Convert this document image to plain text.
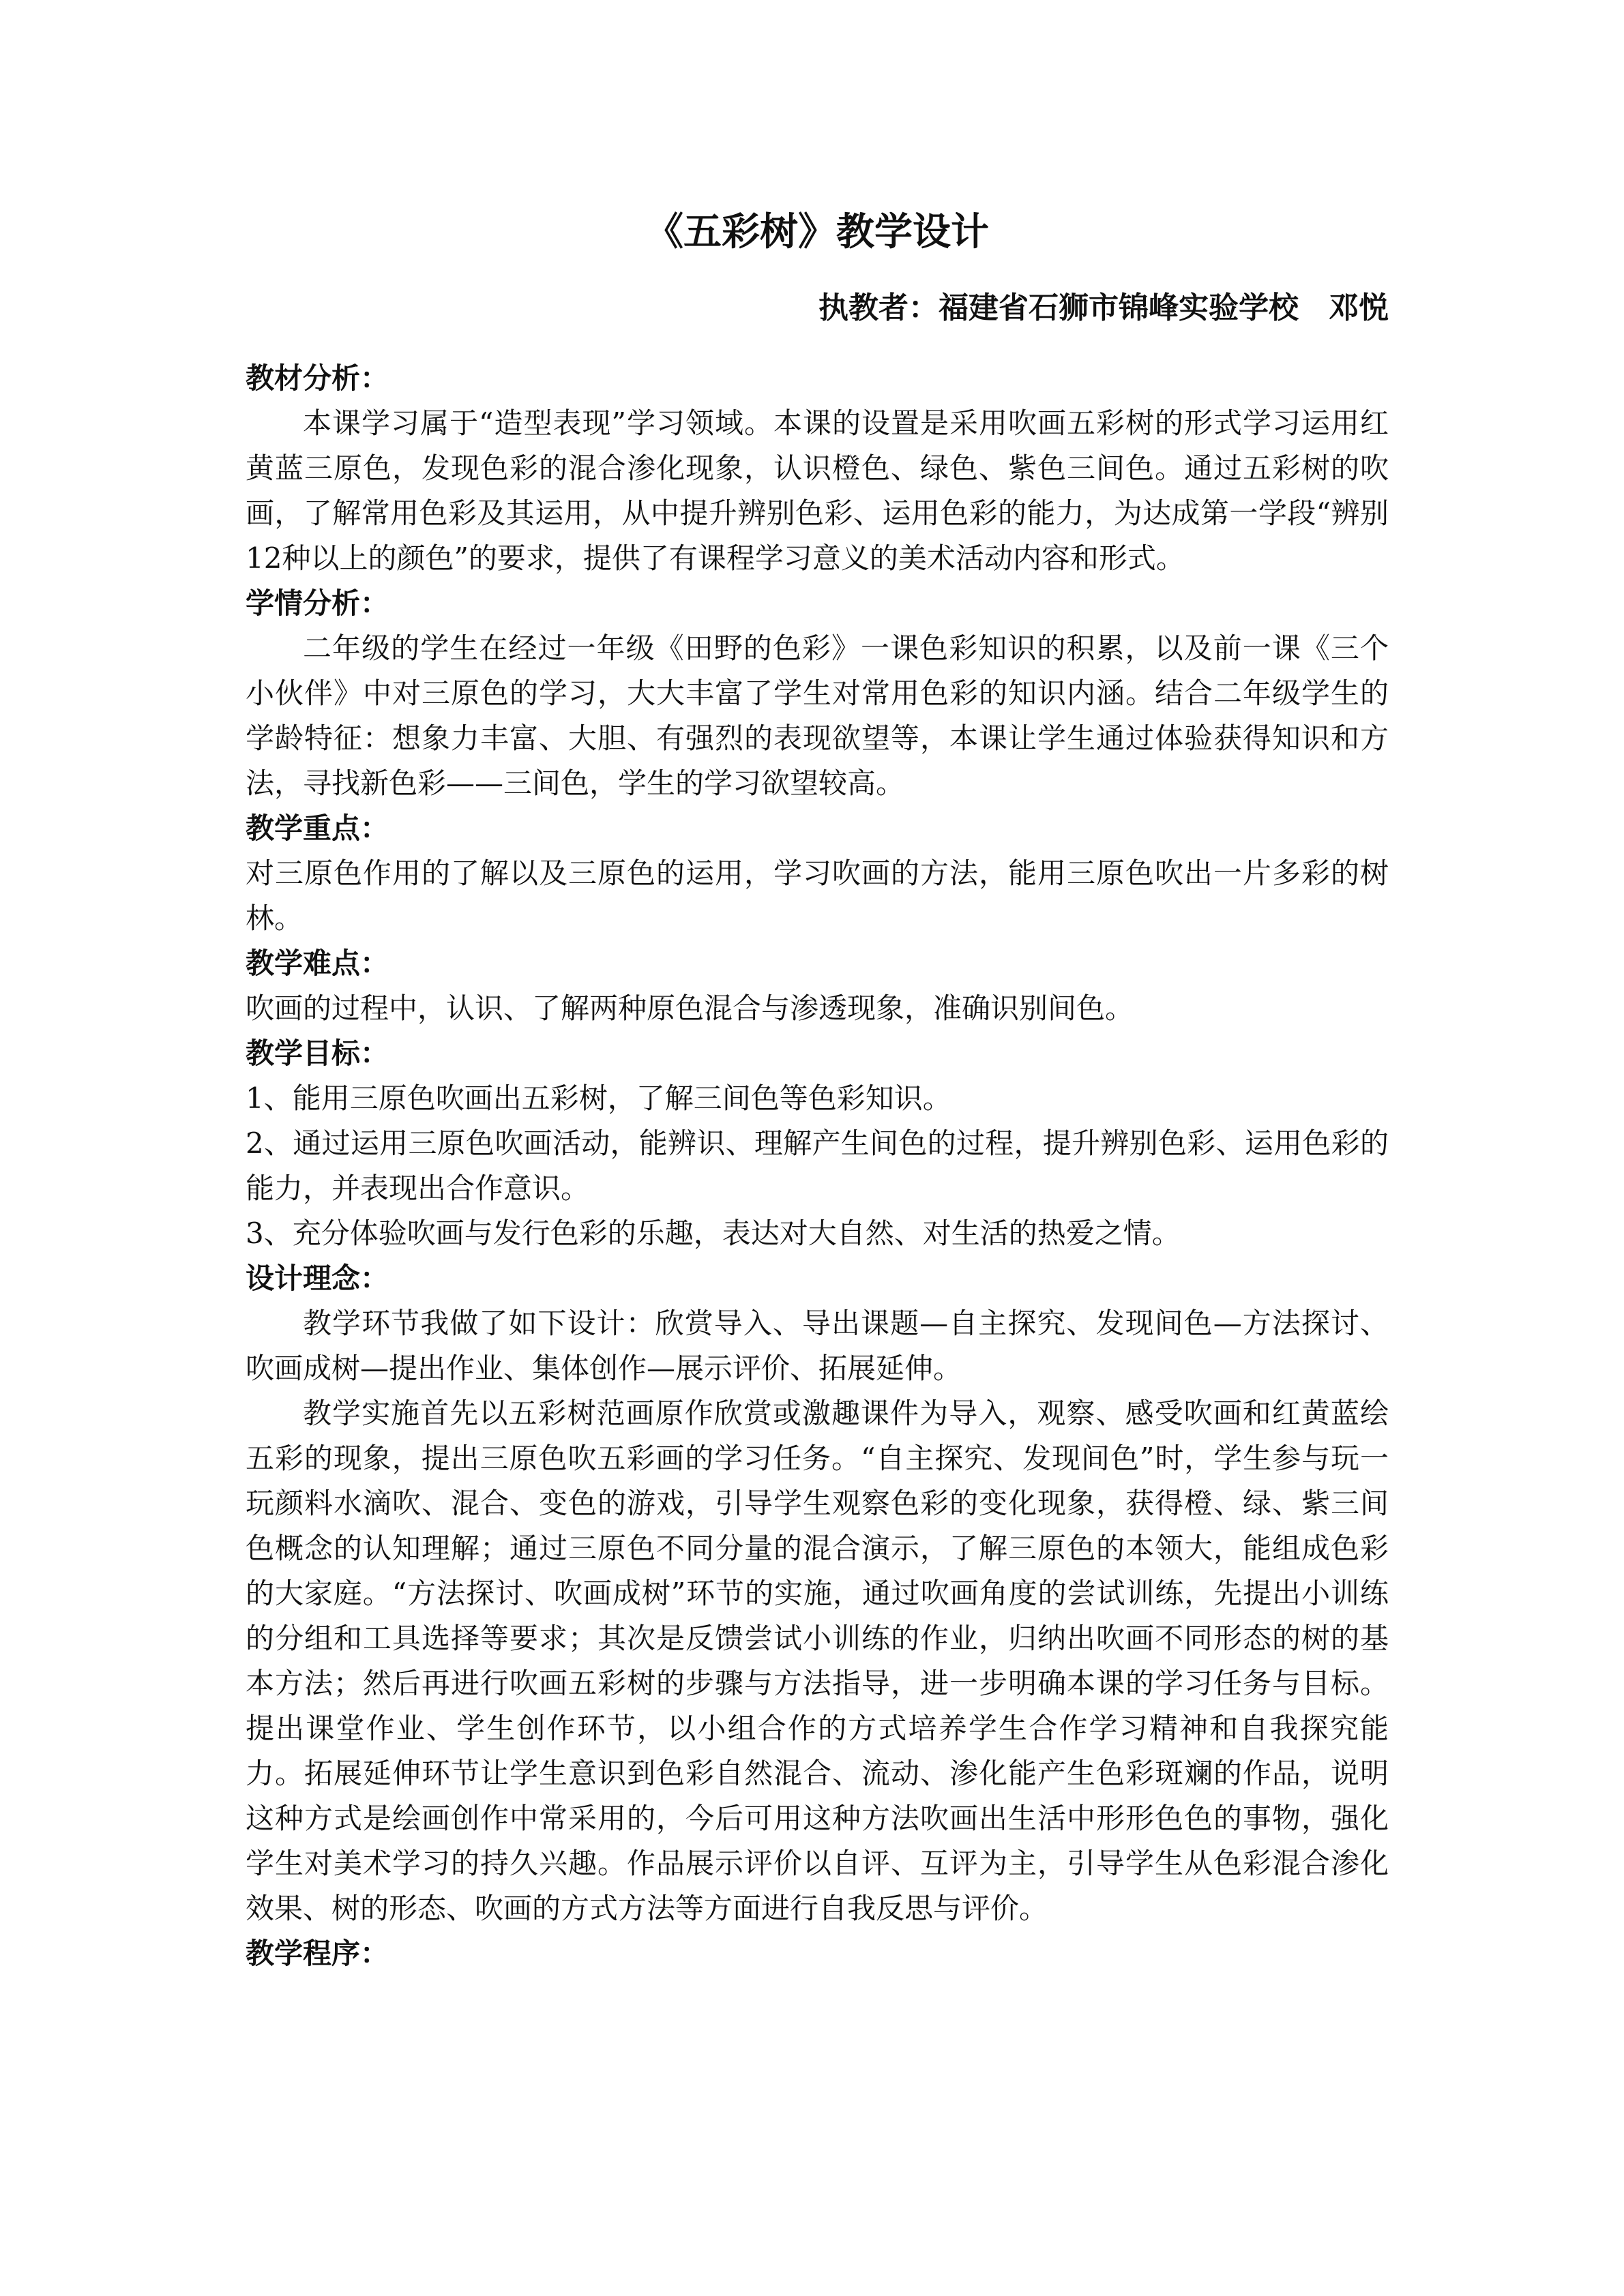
《五彩树》教学设计
执教者：福建省石狮市锦峰实验学校　邓悦
教材分析：

本课学习属于“造型表现”学习领域。本课的设置是采用吹画五彩树的形式学习运用红黄蓝三原色，发现色彩的混合渗化现象，认识橙色、绿色、紫色三间色。通过五彩树的吹画，了解常用色彩及其运用，从中提升辨别色彩、运用色彩的能力，为达成第一学段“辨别12种以上的颜色”的要求，提供了有课程学习意义的美术活动内容和形式。

学情分析：

二年级的学生在经过一年级《田野的色彩》一课色彩知识的积累，以及前一课《三个小伙伴》中对三原色的学习，大大丰富了学生对常用色彩的知识内涵。结合二年级学生的学龄特征：想象力丰富、大胆、有强烈的表现欲望等，本课让学生通过体验获得知识和方法，寻找新色彩——三间色，学生的学习欲望较高。

教学重点：

对三原色作用的了解以及三原色的运用，学习吹画的方法，能用三原色吹出一片多彩的树林。

教学难点：

吹画的过程中，认识、了解两种原色混合与渗透现象，准确识别间色。

教学目标：

1、能用三原色吹画出五彩树，了解三间色等色彩知识。

2、通过运用三原色吹画活动，能辨识、理解产生间色的过程，提升辨别色彩、运用色彩的能力，并表现出合作意识。

3、充分体验吹画与发行色彩的乐趣，表达对大自然、对生活的热爱之情。

设计理念：

教学环节我做了如下设计：欣赏导入、导出课题—自主探究、发现间色—方法探讨、吹画成树—提出作业、集体创作—展示评价、拓展延伸。

教学实施首先以五彩树范画原作欣赏或激趣课件为导入，观察、感受吹画和红黄蓝绘五彩的现象，提出三原色吹五彩画的学习任务。“自主探究、发现间色”时，学生参与玩一玩颜料水滴吹、混合、变色的游戏，引导学生观察色彩的变化现象，获得橙、绿、紫三间色概念的认知理解；通过三原色不同分量的混合演示，了解三原色的本领大，能组成色彩的大家庭。“方法探讨、吹画成树”环节的实施，通过吹画角度的尝试训练，先提出小训练的分组和工具选择等要求；其次是反馈尝试小训练的作业，归纳出吹画不同形态的树的基本方法；然后再进行吹画五彩树的步骤与方法指导，进一步明确本课的学习任务与目标。提出课堂作业、学生创作环节，以小组合作的方式培养学生合作学习精神和自我探究能力。拓展延伸环节让学生意识到色彩自然混合、流动、渗化能产生色彩斑斓的作品，说明这种方式是绘画创作中常采用的，今后可用这种方法吹画出生活中形形色色的事物，强化学生对美术学习的持久兴趣。作品展示评价以自评、互评为主，引导学生从色彩混合渗化效果、树的形态、吹画的方式方法等方面进行自我反思与评价。

教学程序：
